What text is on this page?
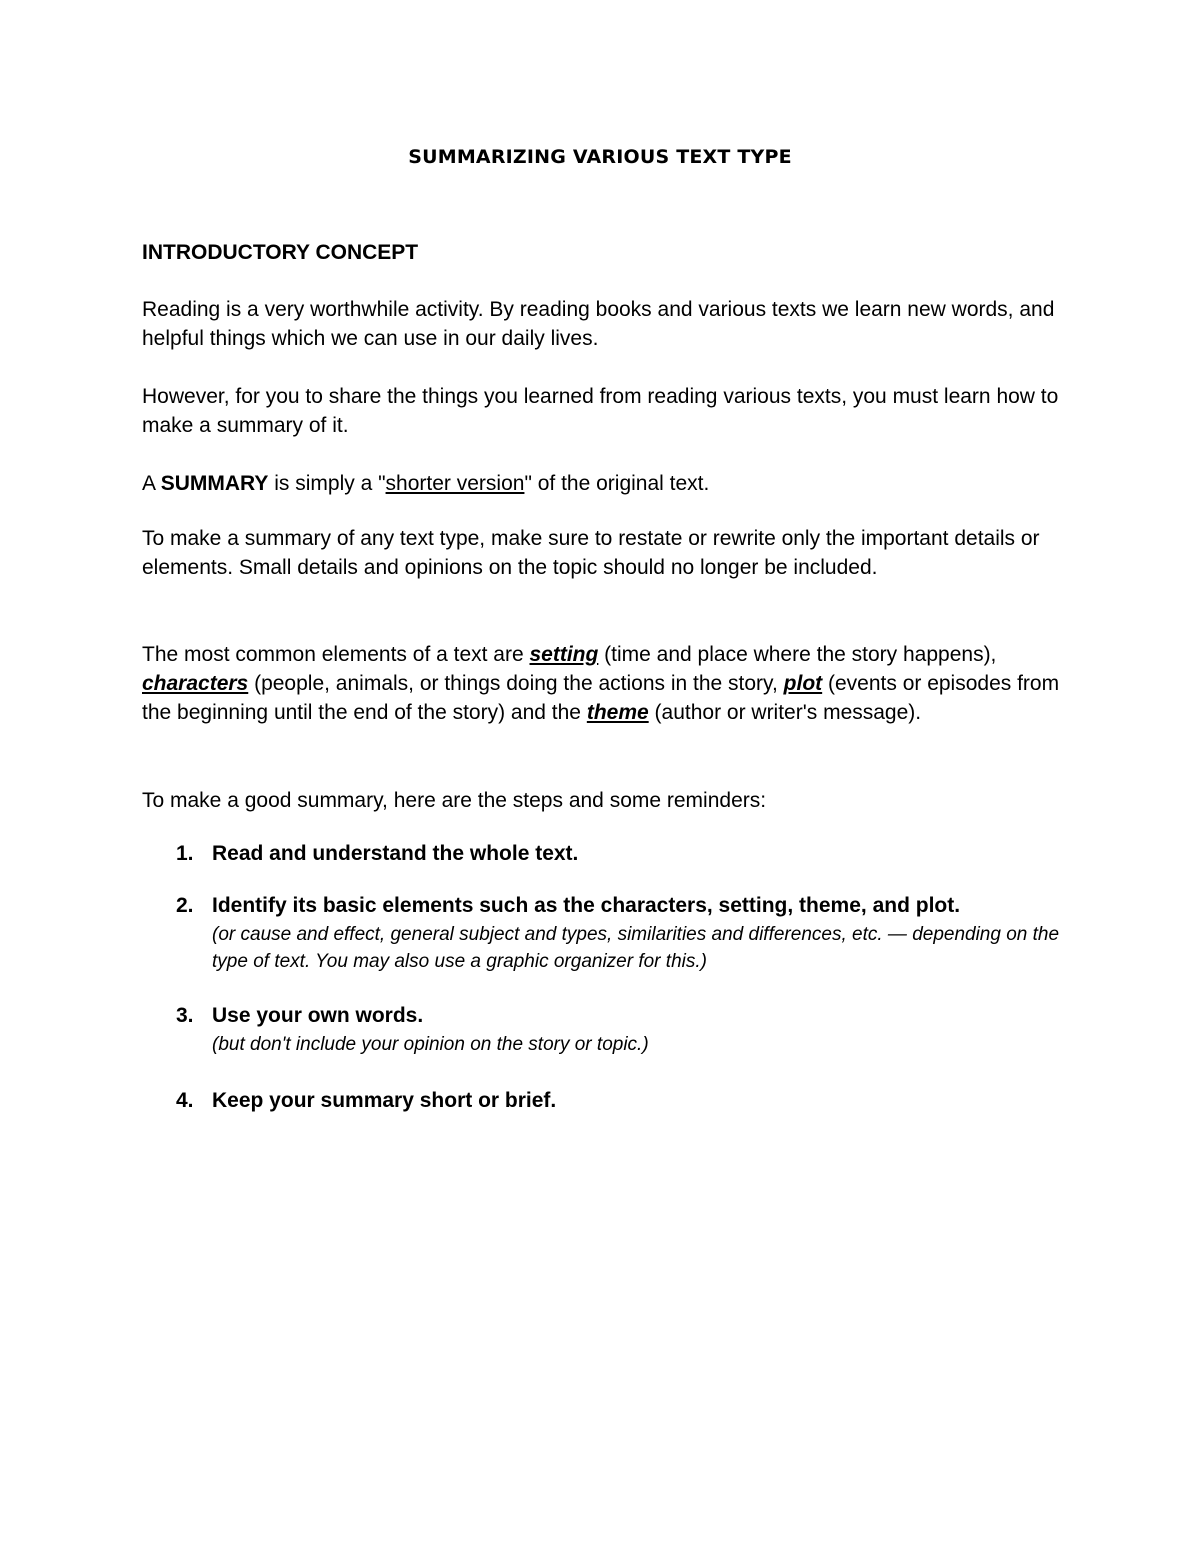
SUMMARIZING VARIOUS TEXT TYPE
INTRODUCTORY CONCEPT
Reading is a very worthwhile activity. By reading books and various texts we learn new words, and helpful things which we can use in our daily lives.
However, for you to share the things you learned from reading various texts, you must learn how to make a summary of it.
A SUMMARY is simply a "shorter version" of the original text.
To make a summary of any text type, make sure to restate or rewrite only the important details or elements. Small details and opinions on the topic should no longer be included.
The most common elements of a text are setting (time and place where the story happens), characters (people, animals, or things doing the actions in the story, plot (events or episodes from the beginning until the end of the story) and the theme (author or writer's message).
To make a good summary, here are the steps and some reminders:
1. Read and understand the whole text.
2. Identify its basic elements such as the characters, setting, theme, and plot.
(or cause and effect, general subject and types, similarities and differences, etc. — depending on the type of text. You may also use a graphic organizer for this.)
3. Use your own words.
(but don't include your opinion on the story or topic.)
4. Keep your summary short or brief.
